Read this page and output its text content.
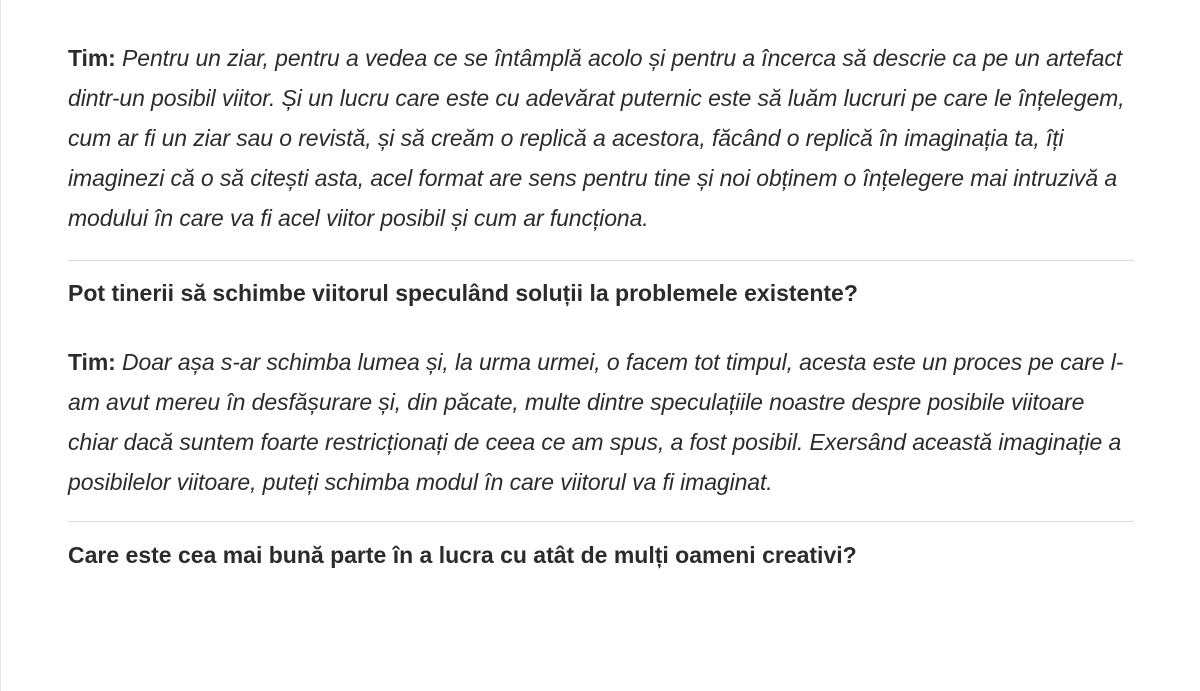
Tim: Pentru un ziar, pentru a vedea ce se întâmplă acolo și pentru a încerca să descrie ca pe un artefact dintr-un posibil viitor. Și un lucru care este cu adevărat puternic este să luăm lucruri pe care le înțelegem, cum ar fi un ziar sau o revistă, și să creăm o replică a acestora, făcând o replică în imaginația ta, îți imaginezi că o să citești asta, acel format are sens pentru tine și noi obținem o înțelegere mai intruzivă a modului în care va fi acel viitor posibil și cum ar funcționa.

Pot tinerii să schimbe viitorul speculând soluții la problemele existente?

Tim: Doar așa s-ar schimba lumea și, la urma urmei, o facem tot timpul, acesta este un proces pe care l-am avut mereu în desfășurare și, din păcate, multe dintre speculațiile noastre despre posibile viitoare chiar dacă suntem foarte restricționați de ceea ce am spus, a fost posibil. Exersând această imaginație a posibilelor viitoare, puteți schimba modul în care viitorul va fi imaginat.

Care este cea mai bună parte în a lucra cu atât de mulți oameni creativi?
